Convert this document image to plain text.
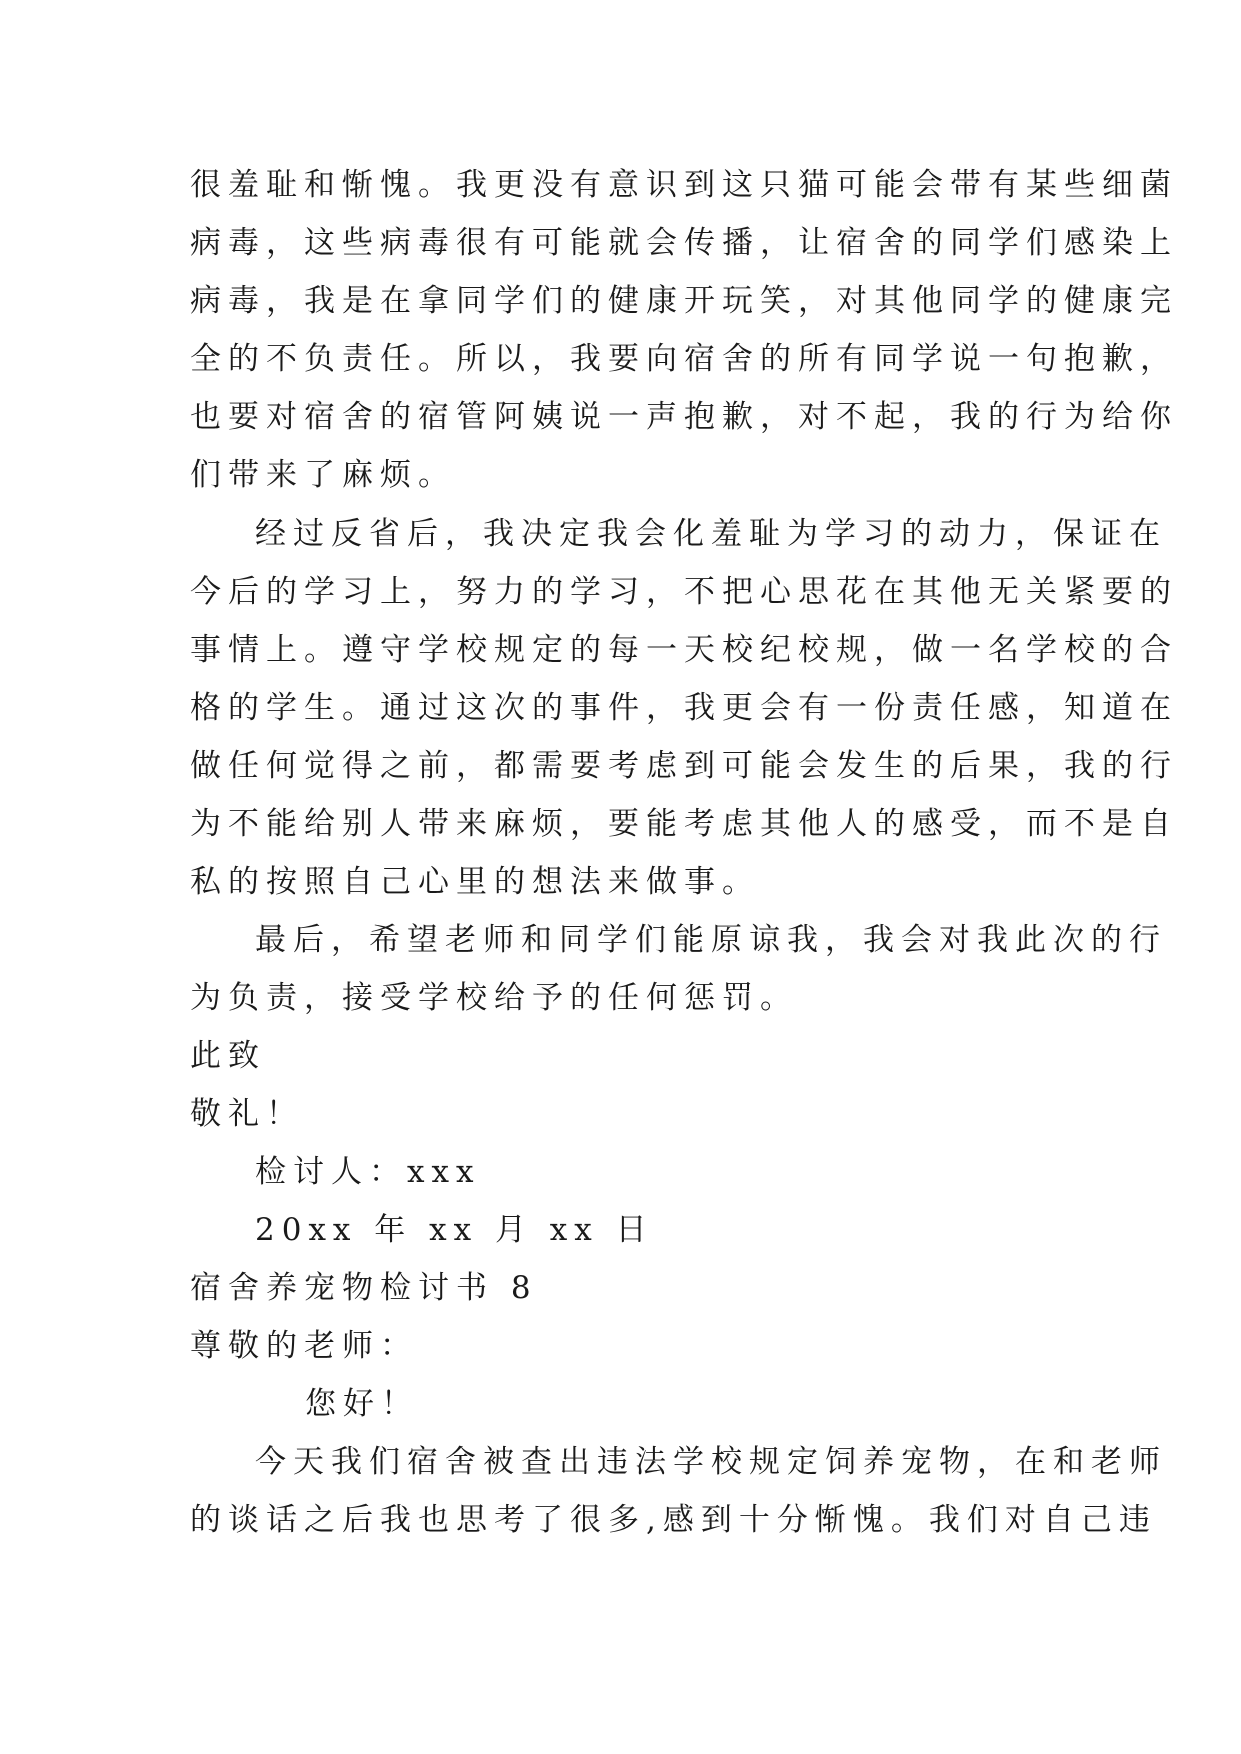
很羞耻和惭愧。我更没有意识到这只猫可能会带有某些细菌

病毒，这些病毒很有可能就会传播，让宿舍的同学们感染上

病毒，我是在拿同学们的健康开玩笑，对其他同学的健康完

全的不负责任。所以，我要向宿舍的所有同学说一句抱歉，

也要对宿舍的宿管阿姨说一声抱歉，对不起，我的行为给你

们带来了麻烦。

经过反省后，我决定我会化羞耻为学习的动力，保证在

今后的学习上，努力的学习，不把心思花在其他无关紧要的

事情上。遵守学校规定的每一天校纪校规，做一名学校的合

格的学生。通过这次的事件，我更会有一份责任感，知道在

做任何觉得之前，都需要考虑到可能会发生的后果，我的行

为不能给别人带来麻烦，要能考虑其他人的感受，而不是自

私的按照自己心里的想法来做事。

最后，希望老师和同学们能原谅我，我会对我此次的行

为负责，接受学校给予的任何惩罚。

此致

敬礼！

检讨人：xxx

20xx 年 xx 月 xx 日

宿舍养宠物检讨书 8

尊敬的老师：

您好！

今天我们宿舍被查出违法学校规定饲养宠物，在和老师

的谈话之后我也思考了很多,感到十分惭愧。我们对自己违
